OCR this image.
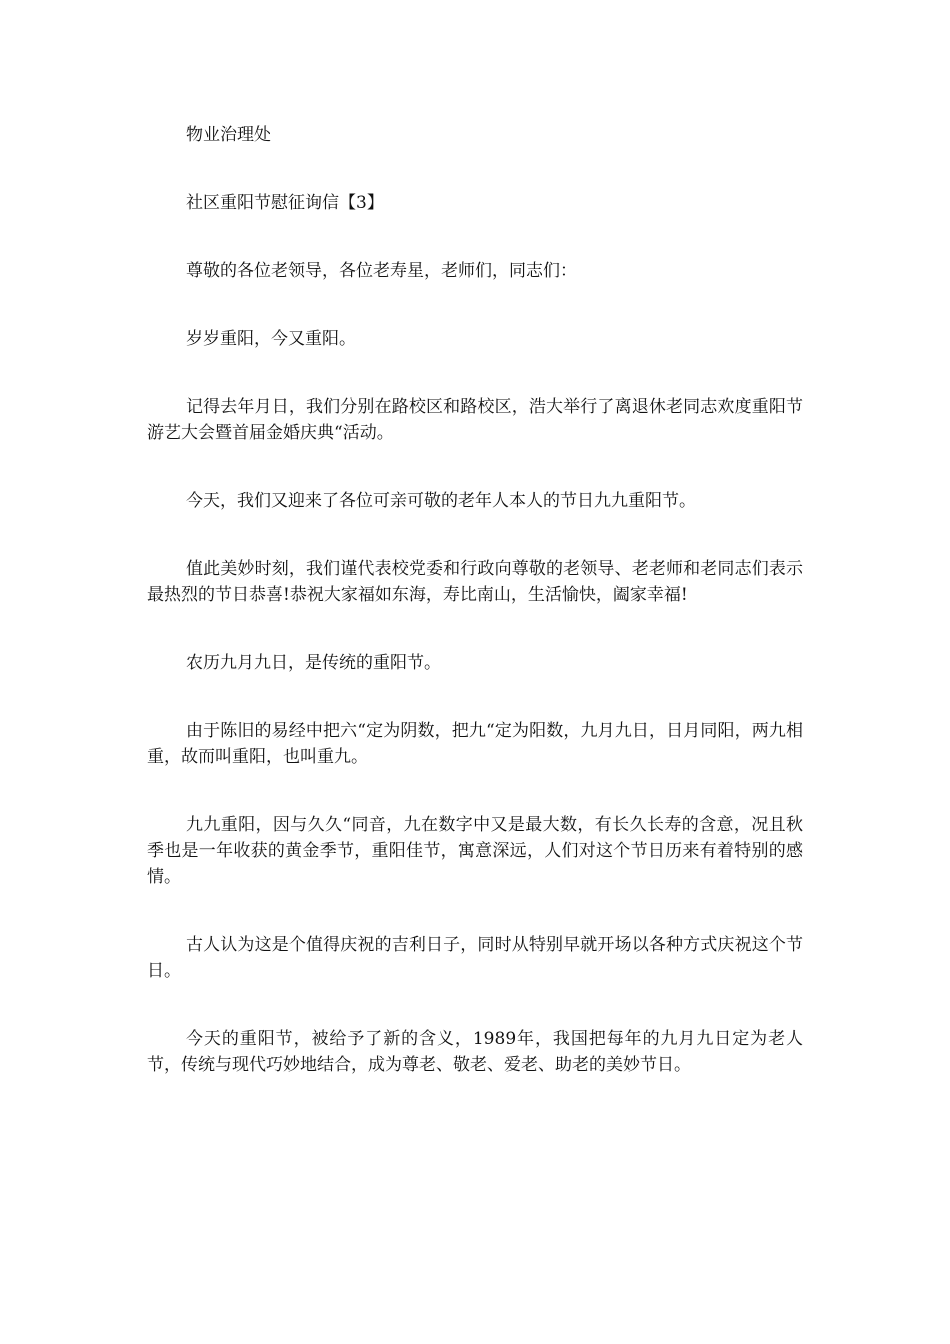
物业治理处

社区重阳节慰征询信【3】

尊敬的各位老领导，各位老寿星，老师们，同志们：

岁岁重阳，今又重阳。

记得去年月日，我们分别在路校区和路校区，浩大举行了离退休老同志欢度重阳节游艺大会暨首届金婚庆典“活动。

今天，我们又迎来了各位可亲可敬的老年人本人的节日九九重阳节。

值此美妙时刻，我们谨代表校党委和行政向尊敬的老领导、老老师和老同志们表示最热烈的节日恭喜!恭祝大家福如东海，寿比南山，生活愉快，阖家幸福!

农历九月九日，是传统的重阳节。

由于陈旧的易经中把六“定为阴数，把九“定为阳数，九月九日，日月同阳，两九相重，故而叫重阳，也叫重九。

九九重阳，因与久久“同音，九在数字中又是最大数，有长久长寿的含意，况且秋季也是一年收获的黄金季节，重阳佳节，寓意深远，人们对这个节日历来有着特别的感情。

古人认为这是个值得庆祝的吉利日子，同时从特别早就开场以各种方式庆祝这个节日。

今天的重阳节，被给予了新的含义，1989年，我国把每年的九月九日定为老人节，传统与现代巧妙地结合，成为尊老、敬老、爱老、助老的美妙节日。
